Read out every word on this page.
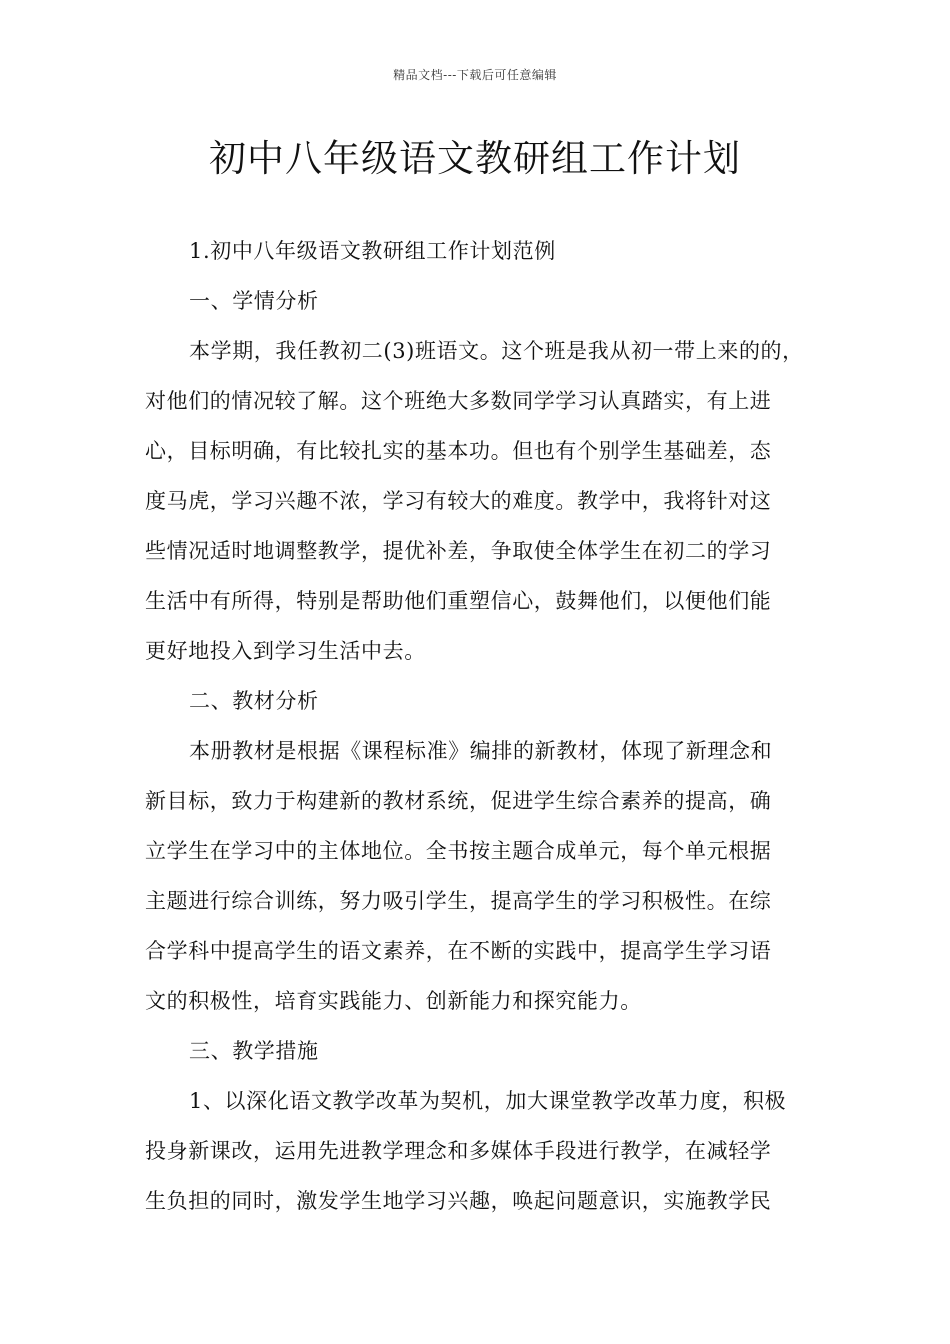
精品文档---下载后可任意编辑
初中八年级语文教研组工作计划
1.初中八年级语文教研组工作计划范例
一、学情分析
本学期，我任教初二(3)班语文。这个班是我从初一带上来的的，
对他们的情况较了解。这个班绝大多数同学学习认真踏实，有上进
心，目标明确，有比较扎实的基本功。但也有个别学生基础差，态
度马虎，学习兴趣不浓，学习有较大的难度。教学中，我将针对这
些情况适时地调整教学，提优补差，争取使全体学生在初二的学习
生活中有所得，特别是帮助他们重塑信心，鼓舞他们，以便他们能
更好地投入到学习生活中去。
二、教材分析
本册教材是根据《课程标准》编排的新教材，体现了新理念和
新目标，致力于构建新的教材系统，促进学生综合素养的提高，确
立学生在学习中的主体地位。全书按主题合成单元，每个单元根据
主题进行综合训练，努力吸引学生，提高学生的学习积极性。在综
合学科中提高学生的语文素养，在不断的实践中，提高学生学习语
文的积极性，培育实践能力、创新能力和探究能力。
三、教学措施
1、以深化语文教学改革为契机，加大课堂教学改革力度，积极
投身新课改，运用先进教学理念和多媒体手段进行教学，在减轻学
生负担的同时，激发学生地学习兴趣，唤起问题意识，实施教学民
